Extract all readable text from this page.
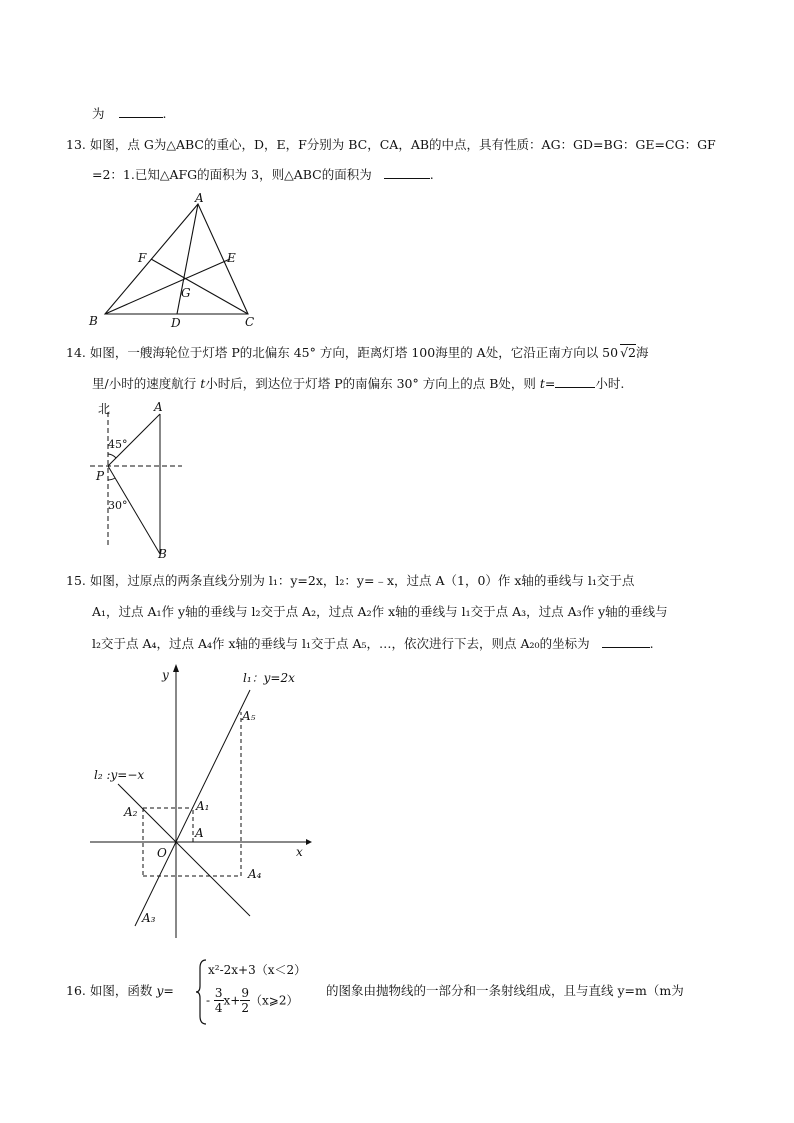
为	.
13. 如图，点 G为△ABC的重心，D，E，F分别为 BC，CA，AB的中点，具有性质：AG：GD=BG：GE=CG：GF
=2：1.已知△AFG的面积为 3，则△ABC的面积为	.
A
B	C
D
E
F
G
14. 如图，一艘海轮位于灯塔 P的北偏东 45° 方向，距离灯塔 100海里的 A处，它沿正南方向以 50 √2海
里/小时的速度航行 t小时后，到达位于灯塔 P的南偏东 30° 方向上的点 B处，则 t=	小时.
北	A
P
B
45°
30°
15. 如图，过原点的两条直线分别为 l₁：y=2x，l₂：y=﹣x，过点 A（1，0）作 x轴的垂线与 l₁交于点
A₁，过点 A₁作 y轴的垂线与 l₂交于点 A₂，过点 A₂作 x轴的垂线与 l₁交于点 A₃，过点 A₃作 y轴的垂线与
l₂交于点 A₄，过点 A₄作 x轴的垂线与 l₁交于点 A₅，…，依次进行下去，则点 A₂₀的坐标为	.
y
x
O
A
A₁
A₂
A₃
A₄
A₅
l₁：y=2x
l₂ :y=−x
16. 如图，函数 y=
x²-2x+3（x＜2）
- $\frac{3}{4} x+ \frac{9}{2}$ （x⩾2）
的图象由抛物线的一部分和一条射线组成，且与直线 y=m（m为
